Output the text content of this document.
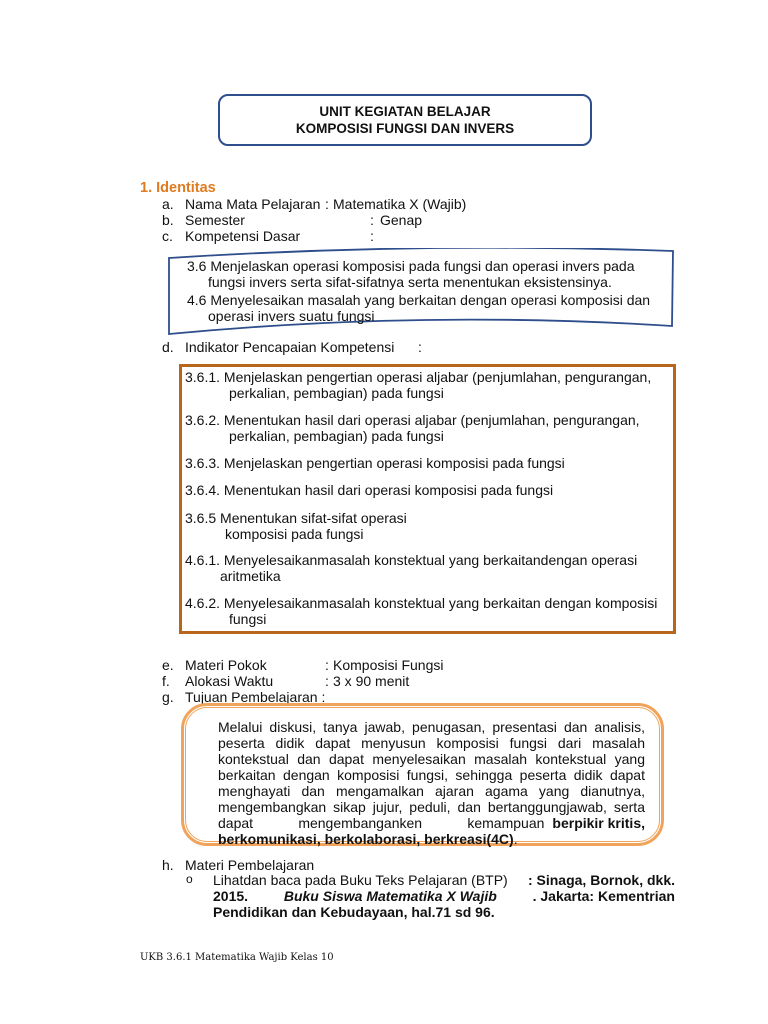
UNIT KEGIATAN BELAJAR
KOMPOSISI FUNGSI DAN INVERS
1. Identitas
a. Nama Mata Pelajaran : Matematika X (Wajib)
b. Semester	: Genap
c. Kompetensi Dasar	:
3.6 Menjelaskan operasi komposisi pada fungsi dan operasi invers pada
fungsi invers serta sifat-sifatnya serta menentukan eksistensinya.
4.6 Menyelesaikan masalah yang berkaitan dengan operasi komposisi dan
operasi invers suatu fungsi
d. Indikator Pencapaian Kompetensi :
3.6.1. Menjelaskan pengertian operasi aljabar (penjumlahan, pengurangan,
perkalian, pembagian) pada fungsi
3.6.2. Menentukan hasil dari operasi aljabar (penjumlahan, pengurangan,
perkalian, pembagian) pada fungsi
3.6.3. Menjelaskan pengertian operasi komposisi pada fungsi
3.6.4. Menentukan hasil dari operasi komposisi pada fungsi
3.6.5 Menentukan sifat-sifat operasi
komposisi pada fungsi
4.6.1. Menyelesaikanmasalah konstektual yang berkaitandengan operasi
aritmetika
4.6.2. Menyelesaikanmasalah konstektual yang berkaitan dengan komposisi
fungsi
e. Materi Pokok	: Komposisi Fungsi
f. Alokasi Waktu	: 3 x 90 menit
g. Tujuan Pembelajaran :
Melalui diskusi, tanya jawab, penugasan, presentasi dan analisis,
peserta didik dapat menyusun komposisi fungsi dari masalah
kontekstual dan dapat menyelesaikan masalah kontekstual yang
berkaitan dengan komposisi fungsi, sehingga peserta didik dapat
menghayati dan mengamalkan ajaran agama yang dianutnya,
mengembangkan sikap jujur, peduli, dan bertanggungjawab, serta
dapat mengembanganken kemampuan berpikir kritis,
berkomunikasi, berkolaborasi, berkreasi(4C).
h. Materi Pembelajaran
o Lihatdan baca pada Buku Teks Pelajaran (BTP) : Sinaga, Bornok, dkk.
2015.	Buku Siswa Matematika X Wajib	. Jakarta: Kementrian
Pendidikan dan Kebudayaan, hal.71 sd 96.
UKB 3.6.1 Matematika Wajib Kelas 10
